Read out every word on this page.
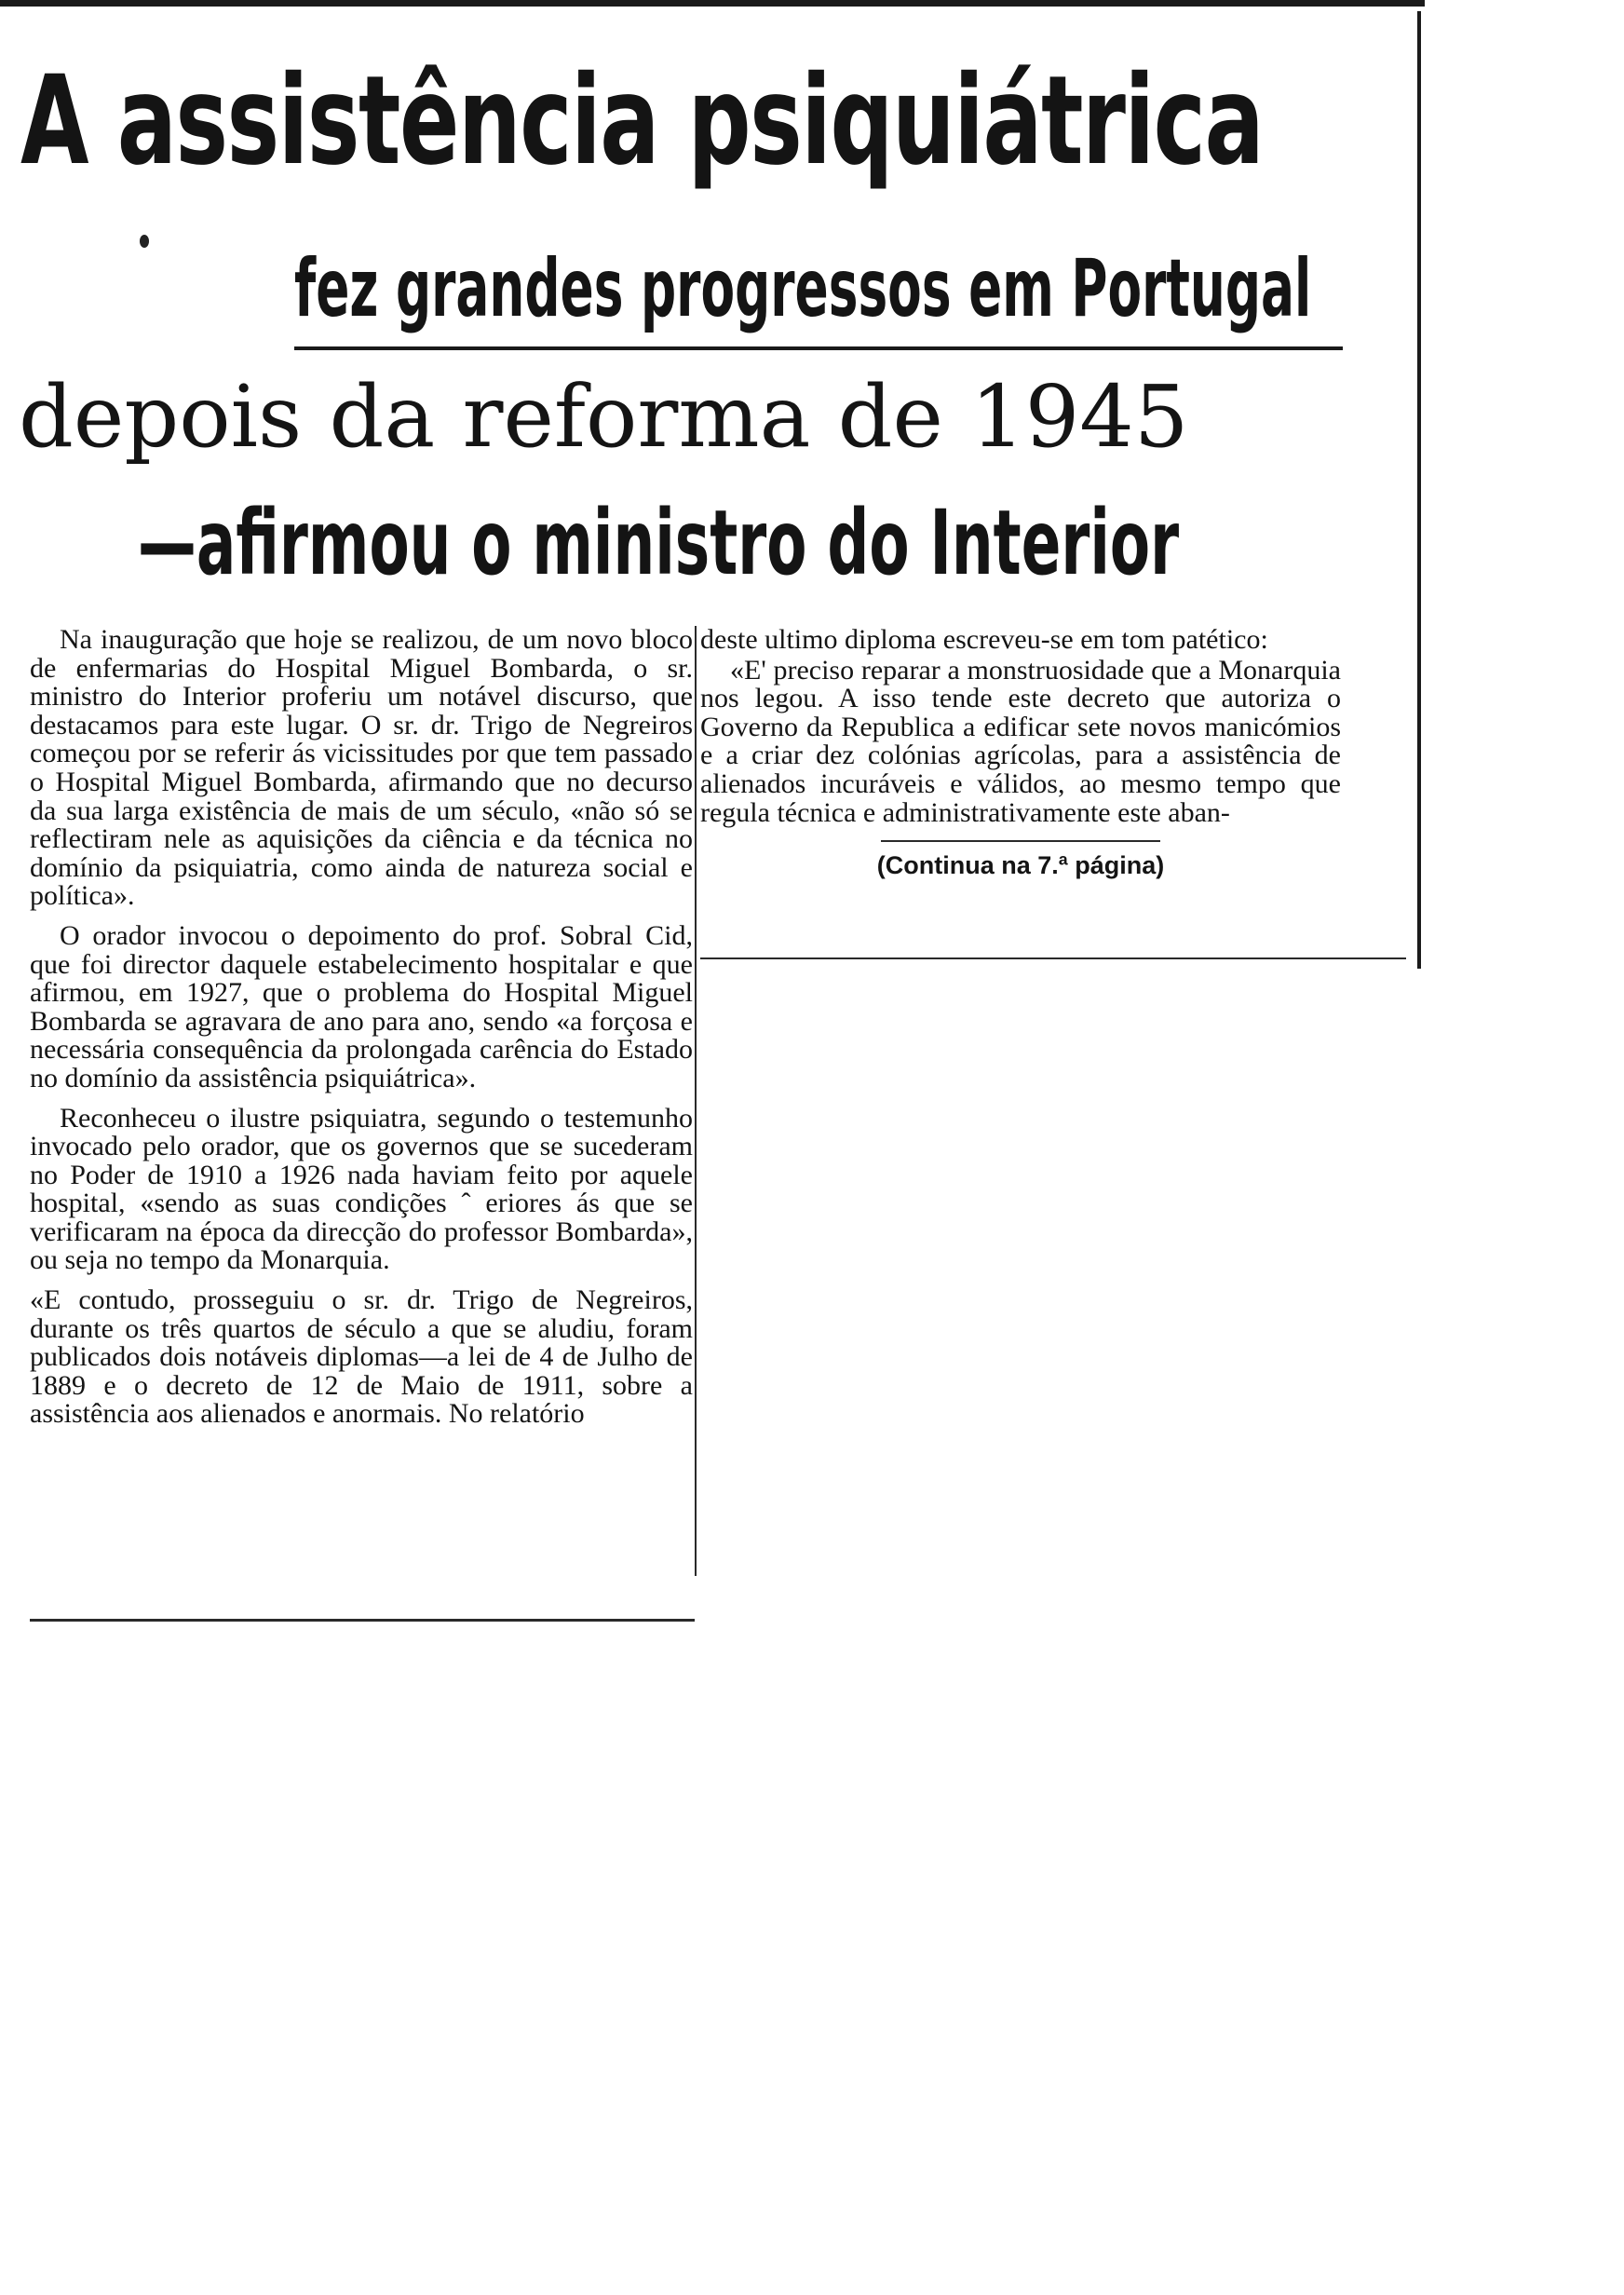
A assistência psiquiátrica
fez grandes progressos em Portugal
depois da reforma de 1945
—afirmou o ministro do Interior

deste ultimo diploma escreveu-se em tom patético:

«E' preciso reparar a monstruosidade que a Monarquia nos legou. A isso tende este decreto que autoriza o Governo da Republica a edificar sete novos manicómios e a criar dez colónias agrícolas, para a assistência de alienados incuráveis e válidos, ao mesmo tempo que regula técnica e administrativamente este aban-

(Continua na 7.ª página)

Na inauguração que hoje se realizou, de um novo bloco de enfermarias do Hospital Miguel Bombarda, o sr. ministro do Interior proferiu um notável discurso, que destacamos para este lugar. O sr. dr. Trigo de Negreiros começou por se referir ás vicissitudes por que tem passado o Hospital Miguel Bombarda, afirmando que no decurso da sua larga existência de mais de um século, «não só se reflectiram nele as aquisições da ciência e da técnica no domínio da psiquiatria, como ainda de natureza social e política».

O orador invocou o depoimento do prof. Sobral Cid, que foi director daquele estabelecimento hospitalar e que afirmou, em 1927, que o problema do Hospital Miguel Bombarda se agravara de ano para ano, sendo «a forçosa e necessária consequência da prolongada carência do Estado no domínio da assistência psiquiátrica».

Reconheceu o ilustre psiquiatra, segundo o testemunho invocado pelo orador, que os governos que se sucederam no Poder de 1910 a 1926 nada haviam feito por aquele hospital, «sendo as suas condições ˆ eriores ás que se verificaram na época da direcção do professor Bombarda», ou seja no tempo da Monarquia.

«E contudo, prosseguiu o sr. dr. Trigo de Negreiros, durante os três quartos de século a que se aludiu, foram publicados dois notáveis diplomas—a lei de 4 de Julho de 1889 e o decreto de 12 de Maio de 1911, sobre a assistência aos alienados e anormais. No relatório
